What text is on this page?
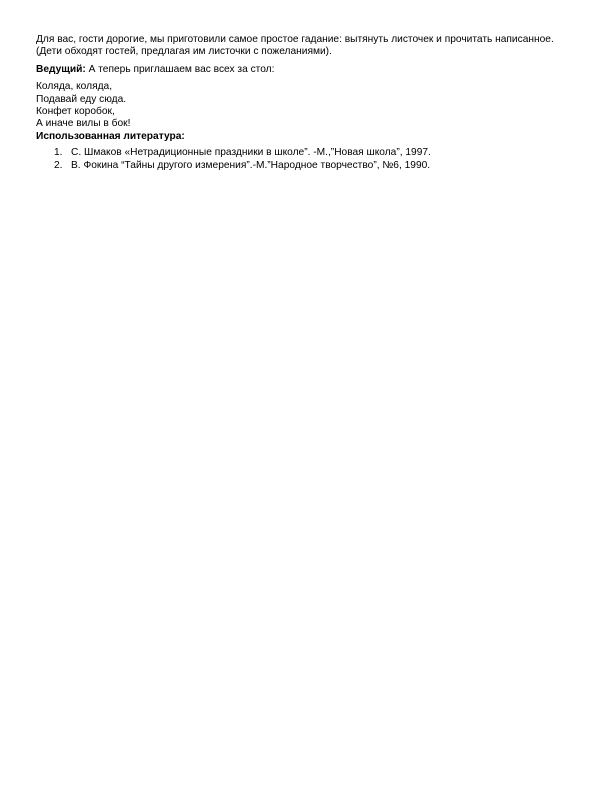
Для вас, гости дорогие, мы приготовили самое простое гадание: вытянуть листочек и прочитать написанное.

(Дети обходят гостей, предлагая им листочки с пожеланиями).

Ведущий: А теперь приглашаем вас всех за стол:

Коляда, коляда,

Подавай еду сюда.

Конфет коробок,

А иначе вилы в бок!

Использованная литература:

1. С. Шмаков «Нетрадиционные праздники в школе”. -М.,”Новая школа”, 1997.
2. В. Фокина “Тайны другого измерения”.-М.”Народное творчество”, №6, 1990.
